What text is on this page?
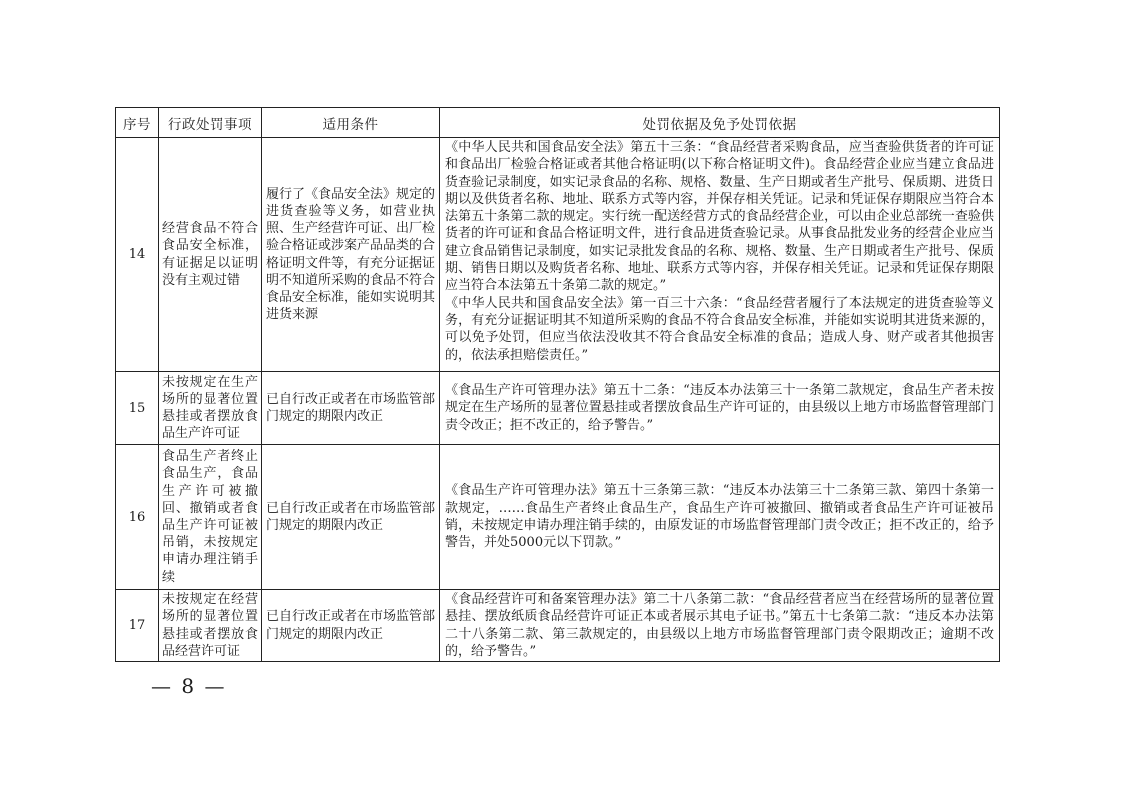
序号	行政处罚事项	适用条件	处罚依据及免予处罚依据
14	经营食品不符合食品安全标准，有证据足以证明没有主观过错	履行了《食品安全法》规定的进货查验等义务，如营业执照、生产经营许可证、出厂检验合格证或涉案产品品类的合格证明文件等，有充分证据证明不知道所采购的食品不符合食品安全标准，能如实说明其进货来源	《中华人民共和国食品安全法》第五十三条：“食品经营者采购食品，应当查验供货者的许可证和食品出厂检验合格证或者其他合格证明(以下称合格证明文件)。食品经营企业应当建立食品进货查验记录制度，如实记录食品的名称、规格、数量、生产日期或者生产批号、保质期、进货日期以及供货者名称、地址、联系方式等内容，并保存相关凭证。记录和凭证保存期限应当符合本法第五十条第二款的规定。实行统一配送经营方式的食品经营企业，可以由企业总部统一查验供货者的许可证和食品合格证明文件，进行食品进货查验记录。从事食品批发业务的经营企业应当建立食品销售记录制度，如实记录批发食品的名称、规格、数量、生产日期或者生产批号、保质期、销售日期以及购货者名称、地址、联系方式等内容，并保存相关凭证。记录和凭证保存期限应当符合本法第五十条第二款的规定。”
《中华人民共和国食品安全法》第一百三十六条：“食品经营者履行了本法规定的进货查验等义务，有充分证据证明其不知道所采购的食品不符合食品安全标准，并能如实说明其进货来源的，可以免予处罚，但应当依法没收其不符合食品安全标准的食品；造成人身、财产或者其他损害的，依法承担赔偿责任。”

15	未按规定在生产场所的显著位置悬挂或者摆放食品生产许可证	已自行改正或者在市场监管部门规定的期限内改正	《食品生产许可管理办法》第五十二条：“违反本办法第三十一条第二款规定，食品生产者未按规定在生产场所的显著位置悬挂或者摆放食品生产许可证的，由县级以上地方市场监督管理部门责令改正；拒不改正的，给予警告。”

16	食品生产者终止食品生产，食品生产许可被撤回、撤销或者食品生产许可证被吊销，未按规定申请办理注销手续	已自行改正或者在市场监管部门规定的期限内改正	《食品生产许可管理办法》第五十三条第三款：“违反本办法第三十二条第三款、第四十条第一款规定，……食品生产者终止食品生产，食品生产许可被撤回、撤销或者食品生产许可证被吊销，未按规定申请办理注销手续的，由原发证的市场监督管理部门责令改正；拒不改正的，给予警告，并处5000元以下罚款。”

17	未按规定在经营场所的显著位置悬挂或者摆放食品经营许可证	已自行改正或者在市场监管部门规定的期限内改正	《食品经营许可和备案管理办法》第二十八条第二款：“食品经营者应当在经营场所的显著位置悬挂、摆放纸质食品经营许可证正本或者展示其电子证书。”第五十七条第二款：“违反本办法第二十八条第二款、第三款规定的，由县级以上地方市场监督管理部门责令限期改正；逾期不改的，给予警告。”
— 8 —
